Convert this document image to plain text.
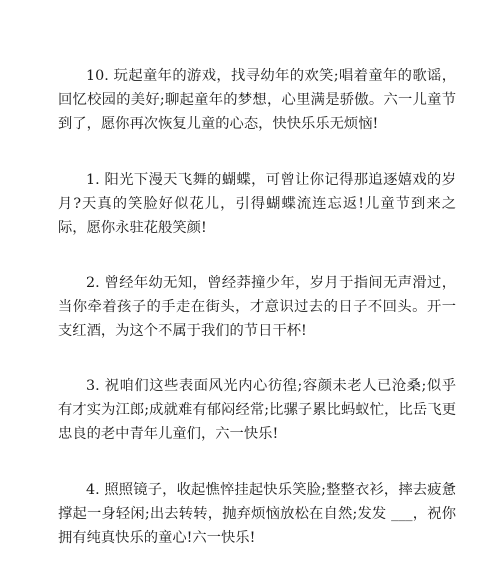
10. 玩起童年的游戏，找寻幼年的欢笑;唱着童年的歌谣，回忆校园的美好;聊起童年的梦想，心里满是骄傲。六一儿童节到了，愿你再次恢复儿童的心态，快快乐乐无烦恼!

1. 阳光下漫天飞舞的蝴蝶，可曾让你记得那追逐嬉戏的岁月?天真的笑脸好似花儿，引得蝴蝶流连忘返!儿童节到来之际，愿你永驻花般笑颜!

2. 曾经年幼无知，曾经莽撞少年，岁月于指间无声滑过，当你牵着孩子的手走在街头，才意识过去的日子不回头。开一支红酒，为这个不属于我们的节日干杯!

3. 祝咱们这些表面风光内心彷徨;容颜未老人已沧桑;似乎有才实为江郎;成就难有郁闷经常;比骡子累比蚂蚁忙，比岳飞更忠良的老中青年儿童们，六一快乐!

4. 照照镜子，收起憔悴挂起快乐笑脸;整整衣衫，摔去疲惫撑起一身轻闲;出去转转，抛弃烦恼放松在自然;发发 ___，祝你拥有纯真快乐的童心!六一快乐!
